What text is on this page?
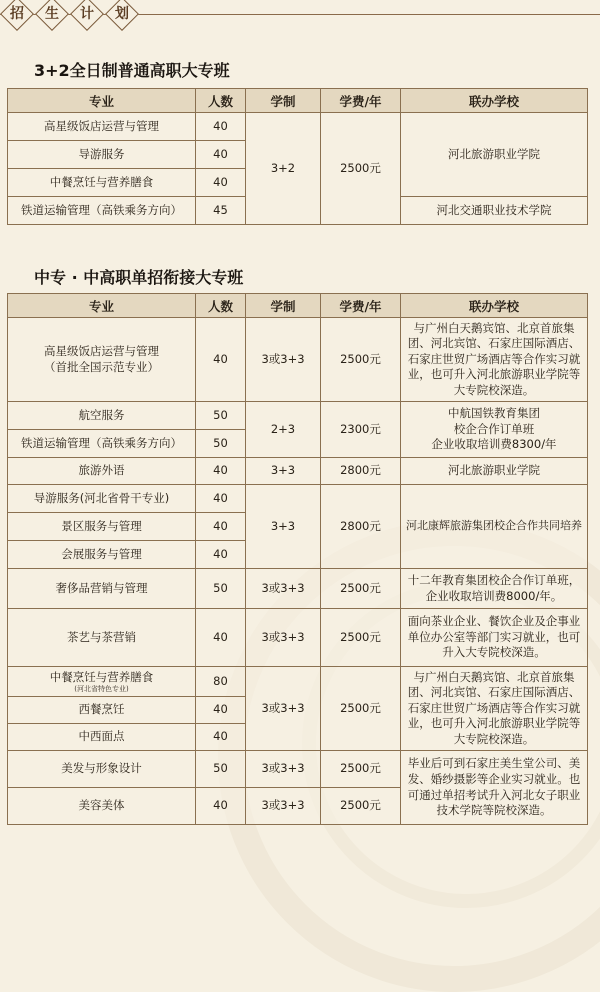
招 生 计 划
3+2全日制普通高职大专班
专业	人数	学制	学费/年	联办学校
高星级饭店运营与管理	40	3+2	2500元	河北旅游职业学院
导游服务	40			
中餐烹饪与营养膳食	40			
铁道运输管理（高铁乘务方向）	45			河北交通职业技术学院
中专 · 中高职单招衔接大专班
专业	人数	学制	学费/年	联办学校

高星级饭店运营与管理
（首批全国示范专业）	40	3或3+3	2500元	与广州白天鹅宾馆、北京首旅集团、河北宾馆、石家庄国际酒店、石家庄世贸广场酒店等合作实习就业，也可升入河北旅游职业学院等大专院校深造。
航空服务	50	2+3	2300元	中航国铁教育集团
校企合作订单班
企业收取培训费8300/年

铁道运输管理（高铁乘务方向）	50			
旅游外语	40	3+3	2800元	河北旅游职业学院
导游服务(河北省骨干专业)	40	3+3	2800元	河北康辉旅游集团校企合作共同培养
景区服务与管理	40			
会展服务与管理	40			
奢侈品营销与管理	50	3或3+3	2500元	十二年教育集团校企合作订单班，企业收取培训费8000/年。
茶艺与茶营销	40	3或3+3	2500元	面向茶业企业、餐饮企业及企事业单位办公室等部门实习就业，也可升入大专院校深造。

中餐烹饪与营养膳食
(河北省特色专业)	80	3或3+3	2500元	与广州白天鹅宾馆、北京首旅集团、河北宾馆、石家庄国际酒店、石家庄世贸广场酒店等合作实习就业，也可升入河北旅游职业学院等大专院校深造。
西餐烹饪	40			
中西面点	40			
美发与形象设计	50	3或3+3	2500元	毕业后可到石家庄美生堂公司、美发、婚纱摄影等企业实习就业。也可通过单招考试升入河北女子职业技术学院等院校深造。
美容美体	40	3或3+3	2500元	
